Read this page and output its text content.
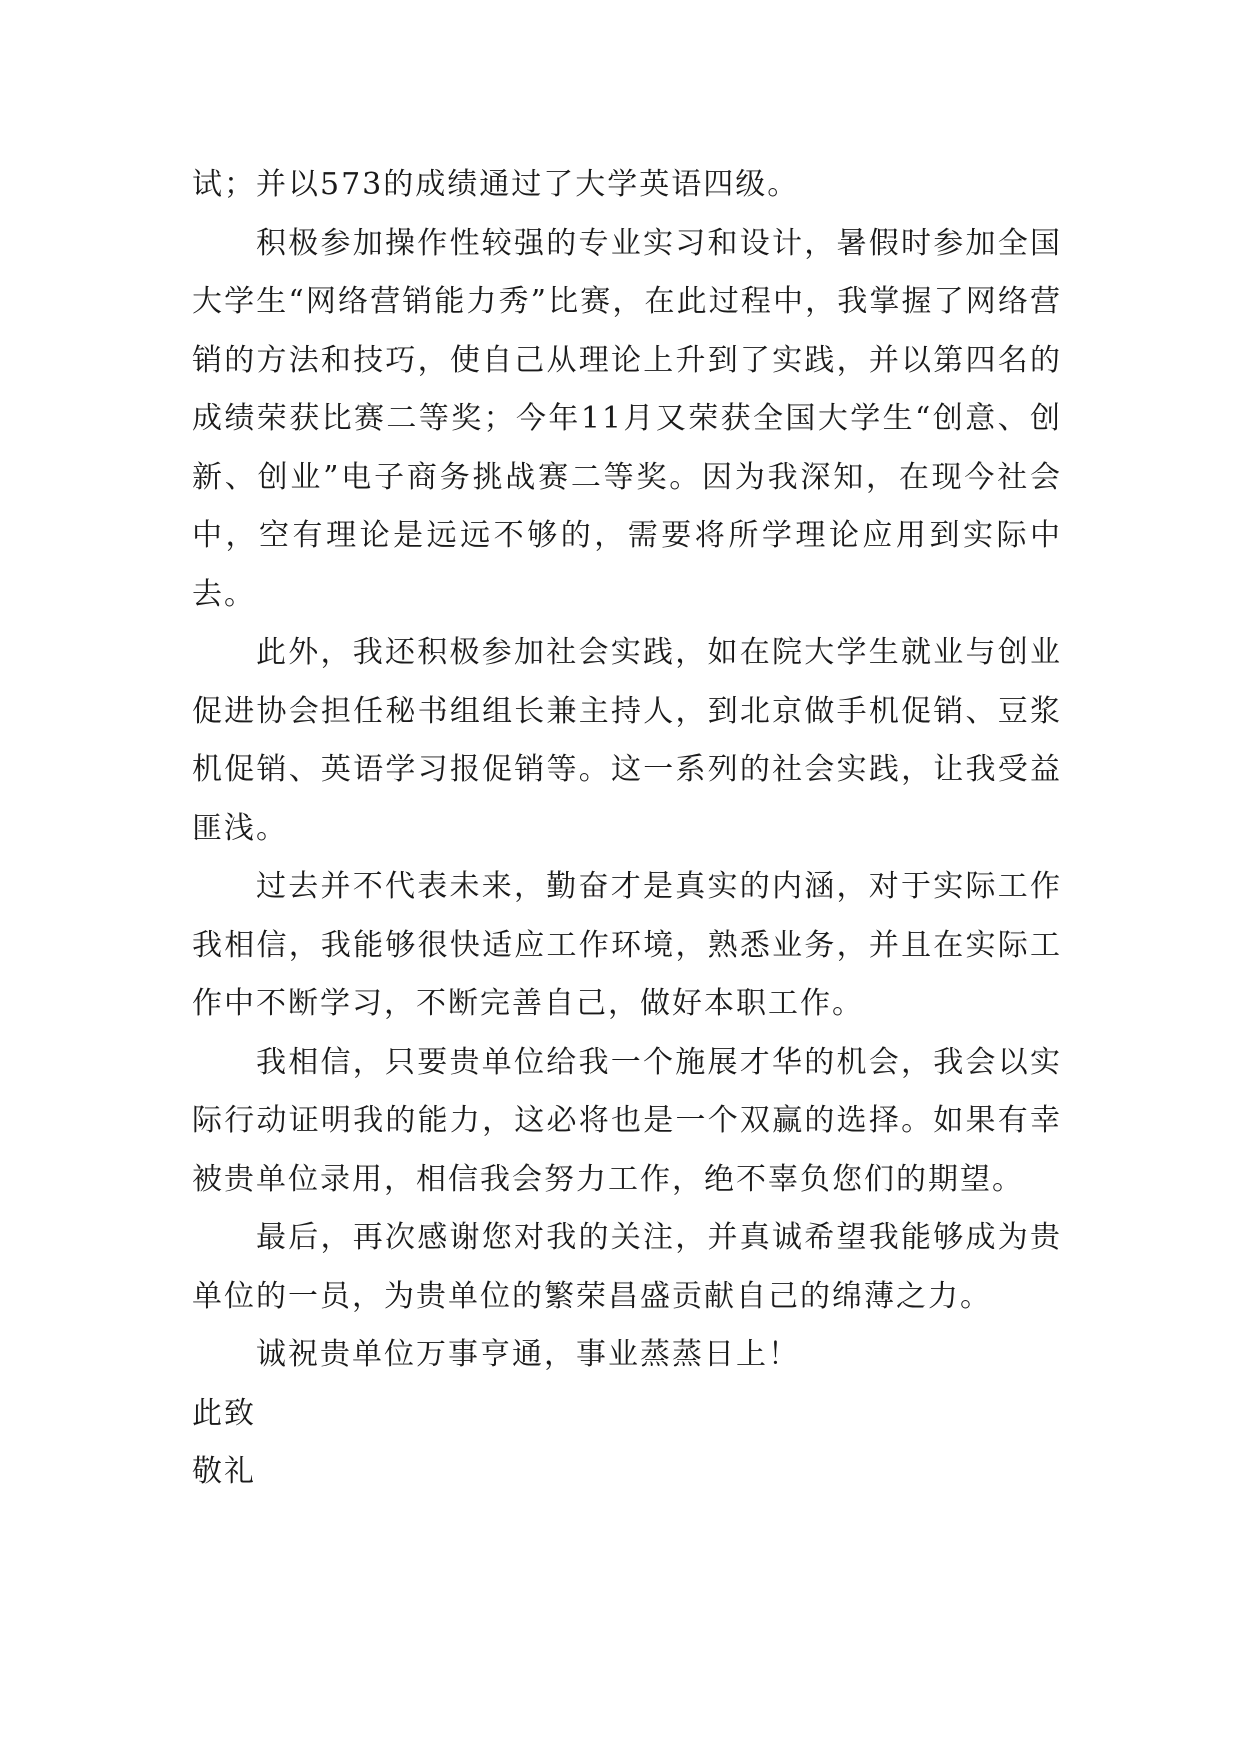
试；并以573的成绩通过了大学英语四级。

积极参加操作性较强的专业实习和设计，暑假时参加全国大学生“网络营销能力秀”比赛，在此过程中，我掌握了网络营销的方法和技巧，使自己从理论上升到了实践，并以第四名的成绩荣获比赛二等奖；今年11月又荣获全国大学生“创意、创新、创业”电子商务挑战赛二等奖。因为我深知，在现今社会中，空有理论是远远不够的，需要将所学理论应用到实际中去。

此外，我还积极参加社会实践，如在院大学生就业与创业促进协会担任秘书组组长兼主持人，到北京做手机促销、豆浆机促销、英语学习报促销等。这一系列的社会实践，让我受益匪浅。

过去并不代表未来，勤奋才是真实的内涵，对于实际工作我相信，我能够很快适应工作环境，熟悉业务，并且在实际工作中不断学习，不断完善自己，做好本职工作。

我相信，只要贵单位给我一个施展才华的机会，我会以实际行动证明我的能力，这必将也是一个双赢的选择。如果有幸被贵单位录用，相信我会努力工作，绝不辜负您们的期望。

最后，再次感谢您对我的关注，并真诚希望我能够成为贵单位的一员，为贵单位的繁荣昌盛贡献自己的绵薄之力。

诚祝贵单位万事亨通，事业蒸蒸日上！

此致

敬礼
